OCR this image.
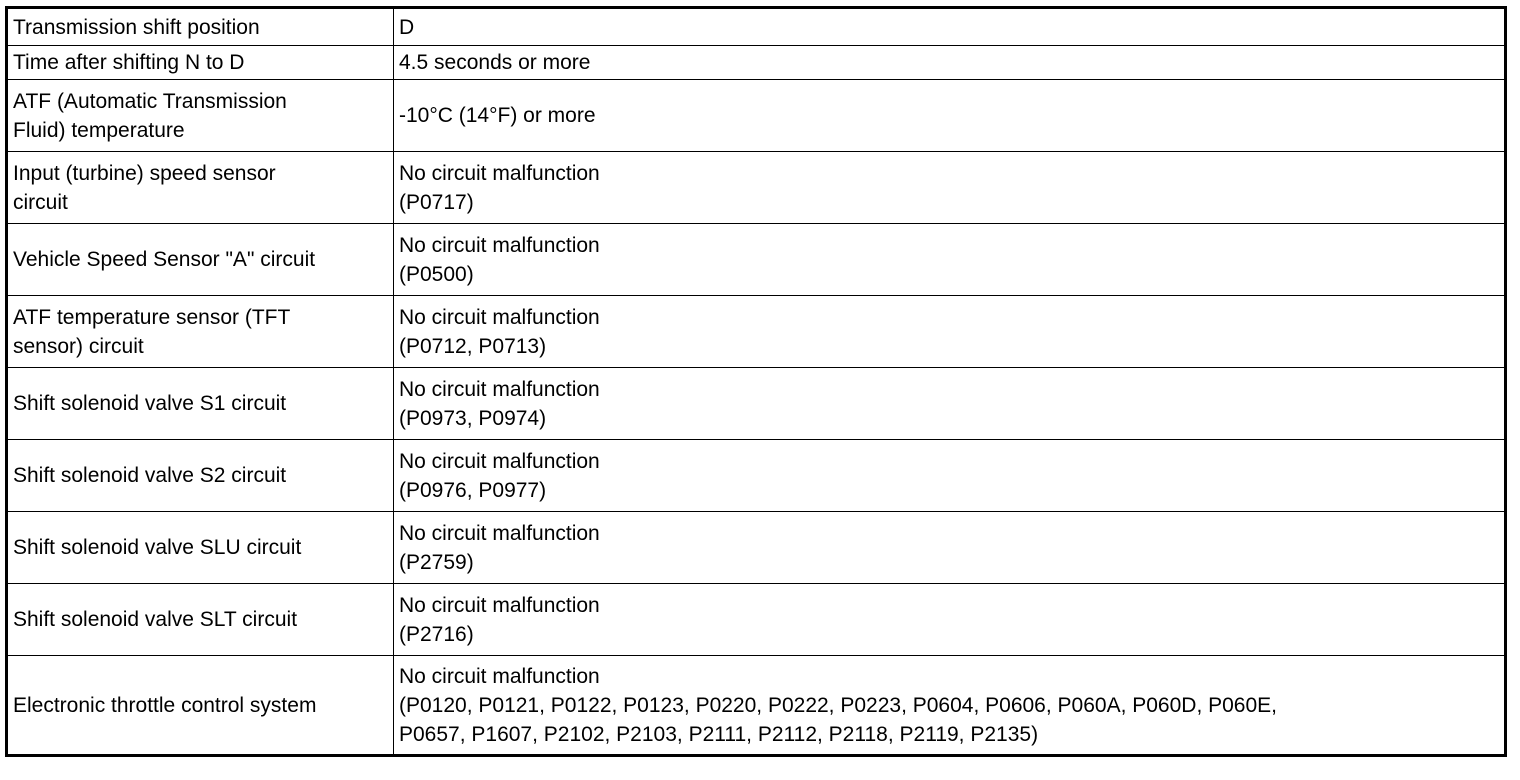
Transmission shift position	D
Time after shifting N to D	4.5 seconds or more
ATF (Automatic Transmission
Fluid) temperature	-10°C (14°F) or more
Input (turbine) speed sensor
circuit	No circuit malfunction
(P0717)
Vehicle Speed Sensor "A" circuit	No circuit malfunction
(P0500)
ATF temperature sensor (TFT
sensor) circuit	No circuit malfunction
(P0712, P0713)
Shift solenoid valve S1 circuit	No circuit malfunction
(P0973, P0974)
Shift solenoid valve S2 circuit	No circuit malfunction
(P0976, P0977)
Shift solenoid valve SLU circuit	No circuit malfunction
(P2759)
Shift solenoid valve SLT circuit	No circuit malfunction
(P2716)
Electronic throttle control system	No circuit malfunction
(P0120, P0121, P0122, P0123, P0220, P0222, P0223, P0604, P0606, P060A, P060D, P060E,
P0657, P1607, P2102, P2103, P2111, P2112, P2118, P2119, P2135)
